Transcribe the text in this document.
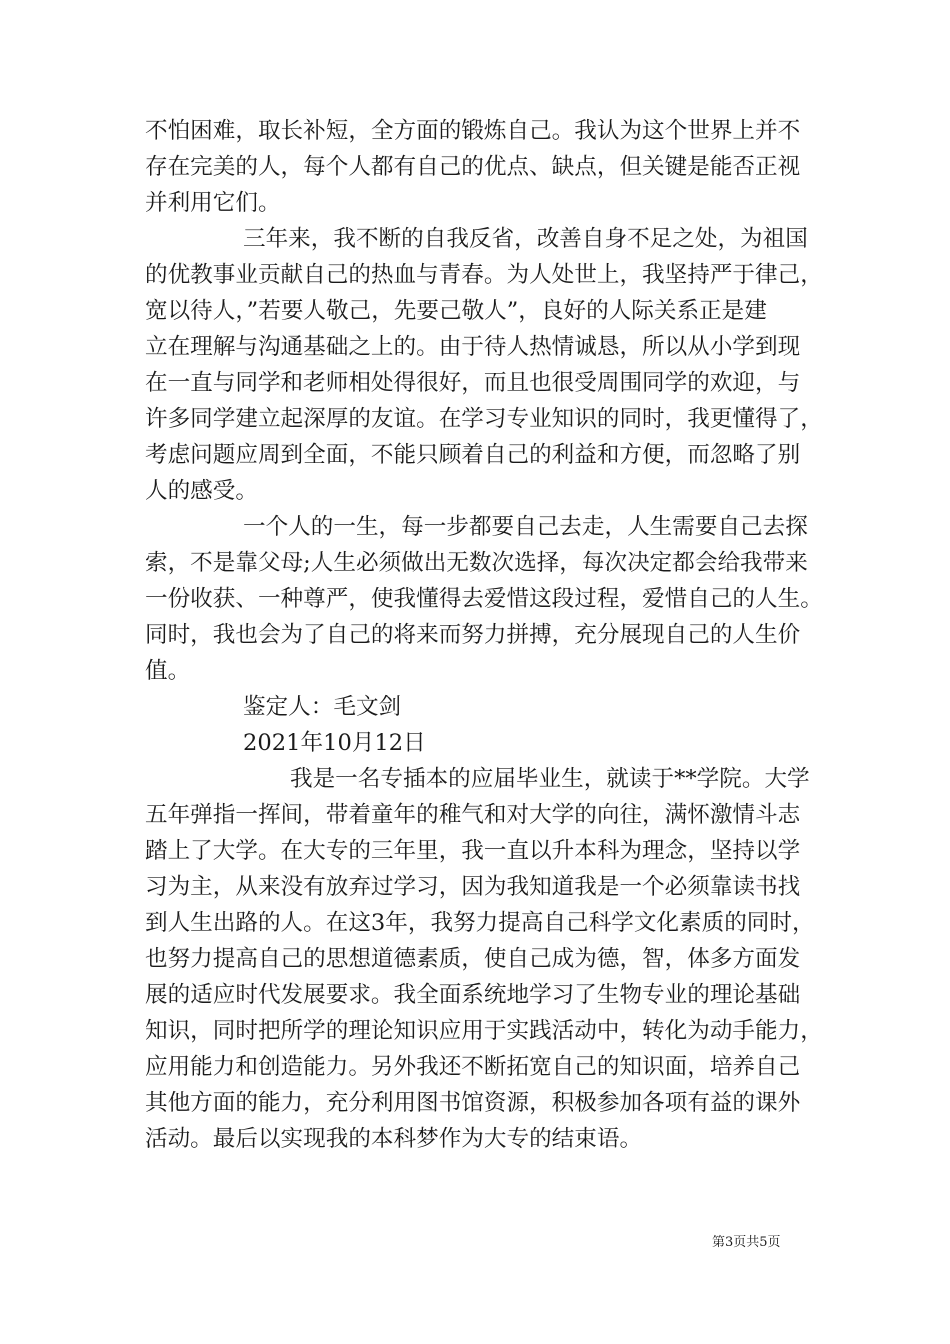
不怕困难，取长补短，全方面的锻炼自己。我认为这个世界上并不
存在完美的人，每个人都有自己的优点、缺点，但关键是能否正视
并利用它们。
三年来，我不断的自我反省，改善自身不足之处，为祖国
的优教事业贡献自己的热血与青春。为人处世上，我坚持严于律己，
宽以待人，”若要人敬己，先要己敬人”，良好的人际关系正是建
立在理解与沟通基础之上的。由于待人热情诚恳，所以从小学到现
在一直与同学和老师相处得很好，而且也很受周围同学的欢迎，与
许多同学建立起深厚的友谊。在学习专业知识的同时，我更懂得了，
考虑问题应周到全面，不能只顾着自己的利益和方便，而忽略了别
人的感受。
一个人的一生，每一步都要自己去走，人生需要自己去探
索，不是靠父母;人生必须做出无数次选择，每次决定都会给我带来
一份收获、一种尊严，使我懂得去爱惜这段过程，爱惜自己的人生。
同时，我也会为了自己的将来而努力拼搏，充分展现自己的人生价
值。
鉴定人：毛文剑
2021年10月12日
我是一名专插本的应届毕业生，就读于**学院。大学
五年弹指一挥间，带着童年的稚气和对大学的向往，满怀激情斗志
踏上了大学。在大专的三年里，我一直以升本科为理念，坚持以学
习为主，从来没有放弃过学习，因为我知道我是一个必须靠读书找
到人生出路的人。在这3年，我努力提高自己科学文化素质的同时，
也努力提高自己的思想道德素质，使自己成为德，智，体多方面发
展的适应时代发展要求。我全面系统地学习了生物专业的理论基础
知识，同时把所学的理论知识应用于实践活动中，转化为动手能力，
应用能力和创造能力。另外我还不断拓宽自己的知识面，培养自己
其他方面的能力，充分利用图书馆资源，积极参加各项有益的课外
活动。最后以实现我的本科梦作为大专的结束语。
第3页共5页
